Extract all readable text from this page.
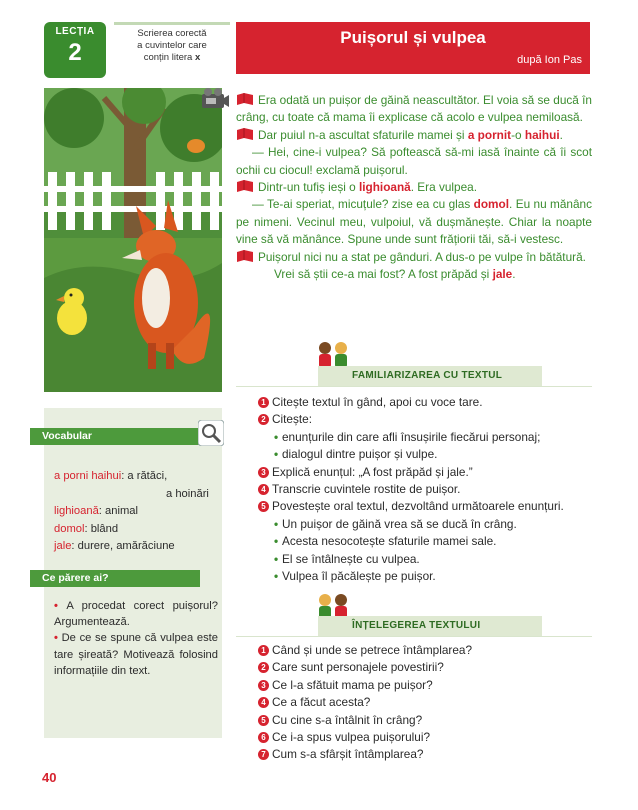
LECȚIA
2
Scrierea corectă
a cuvintelor care
conțin litera x
Puișorul și vulpea
după Ion Pas

Era odată un puișor de găină neascultător. El voia să se ducă în crâng, cu toate că mama îi explicase că acolo e vulpea nemiloasă.

Dar puiul n-a ascultat sfaturile mamei și a pornit-o haihui.

— Hei, cine-i vulpea? Să poftească să-mi iasă înainte că îi scot ochii cu ciocul! exclamă puișorul.

Dintr-un tufiș ieși o lighioană. Era vulpea.

— Te-ai speriat, micuțule? zise ea cu glas domol. Eu nu mănânc pe nimeni. Vecinul meu, vulpoiul, vă dușmănește. Chiar la noapte vine să vă mănânce. Spune unde sunt frățiorii tăi, să-i vestesc.

Puișorul nici nu a stat pe gânduri. A dus-o pe vulpe în bătătură.

Vrei să știi ce-a mai fost? A fost prăpăd și jale.

FAMILIARIZAREA CU TEXTUL
1 Citește textul în gând, apoi cu voce tare.
2 Citește:
• enunțurile din care afli însușirile fiecărui personaj;
• dialogul dintre puișor și vulpe.
3 Explică enunțul: „A fost prăpăd și jale.”
4 Transcrie cuvintele rostite de puișor.
5 Povestește oral textul, dezvoltând următoarele enunțuri.
• Un puișor de găină vrea să se ducă în crâng.
• Acesta nesocotește sfaturile mamei sale.
• El se întâlnește cu vulpea.
• Vulpea îl păcălește pe puișor.
ÎNȚELEGEREA TEXTULUI
1 Când și unde se petrece întâmplarea?
2 Care sunt personajele povestirii?
3 Ce l-a sfătuit mama pe puișor?
4 Ce a făcut acesta?
5 Cu cine s-a întâlnit în crâng?
6 Ce i-a spus vulpea puișorului?
7 Cum s-a sfârșit întâmplarea?
Vocabular
a porni haihui: a rătăci,
a hoinări
lighioană: animal
domol: blând
jale: durere, amărăciune
Ce părere ai?
• A procedat corect puișorul? Argumentează.
• De ce se spune că vulpea este tare șireată? Motivează folosind informațiile din text.
40
